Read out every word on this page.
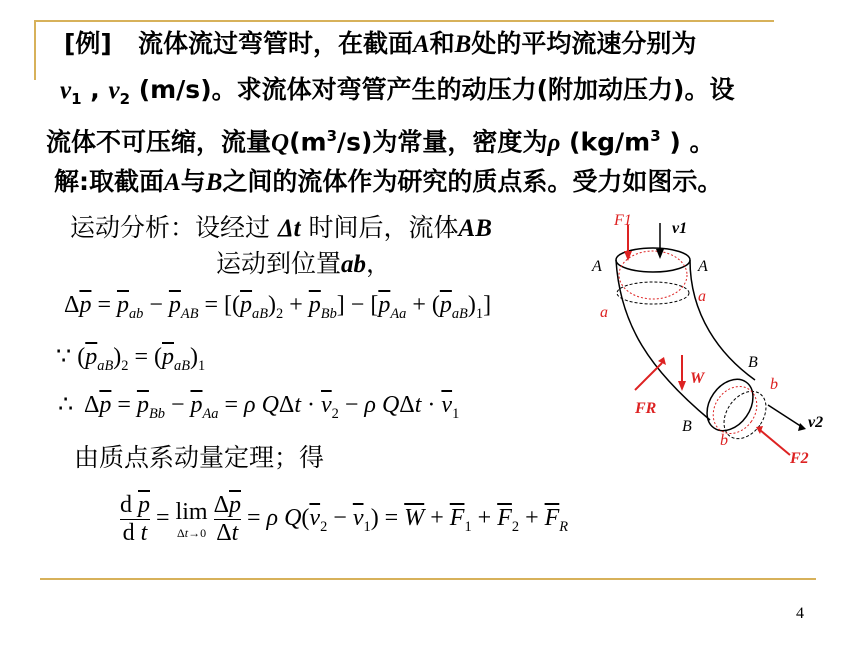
[例]   流体流过弯管时，在截面A和B处的平均流速分别为
$v_1$ , $v_2$ (m/s)。求流体对弯管产生的动压力(附加动压力)。设
流体不可压缩，流量$Q(m^3/s)$为常量，密度为ρ ($kg/m^3$ ) 。
解:取截面A与B之间的流体作为研究的质点系。受力如图示。
运动分析：设经过 Δt 时间后，流体AB
运动到位置ab，
$\Delta\overline{p} = \overline{p}_{ab} - \overline{p}_{AB} = [(\overline{p}_{aB})_2 + \overline{p}_{Bb}] - [\overline{p}_{Aa} + (\overline{p}_{aB})_1]$
∵ $(\overline{p}_{aB})_2 = (\overline{p}_{aB})_1$
∴  $\Delta\overline{p} = \overline{p}_{Bb} - \overline{p}_{Aa} = \rho$ $Q\Delta t \cdot \overline{v}_2 - \rho$ $Q\Delta t \cdot \overline{v}_1$
由质点系动量定理；得
$\frac{d \overline{p}}{\text{d t}} = \lim$
Δt→0
$\frac{\Delta\overline{p}}{\Delta t} = \rho$ $Q(\overline{v}_2 - \overline{v}_1) = \overline{W} + \overline{F}_1 + \overline{F}_2 + \overline{F}_R$
F1	v1
A	A
a
a
B
b
W
FR
B
b
v2
F2
4
